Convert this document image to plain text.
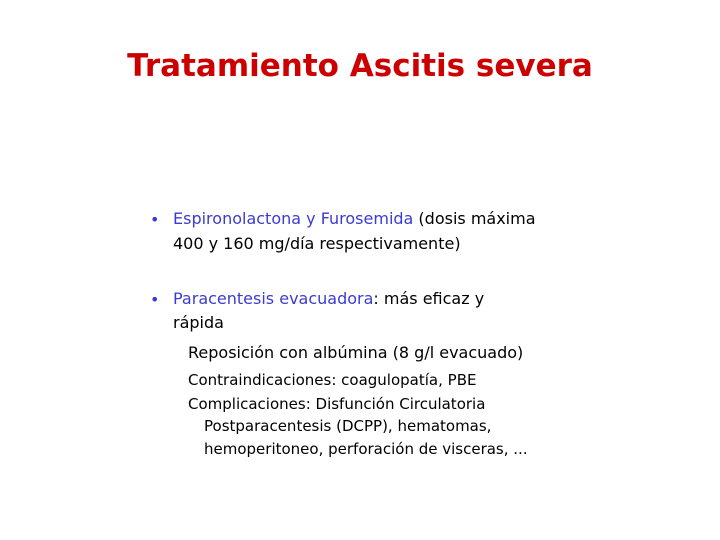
Tratamiento Ascitis severa
• Espironolactona y Furosemida (dosis máxima
400 y 160 mg/día respectivamente)
• Paracentesis evacuadora: más eficaz y
rápida
Reposición con albúmina (8 g/l evacuado)
Contraindicaciones: coagulopatía, PBE
Complicaciones: Disfunción Circulatoria
Postparacentesis (DCPP), hematomas,
hemoperitoneo, perforación de visceras, ...
